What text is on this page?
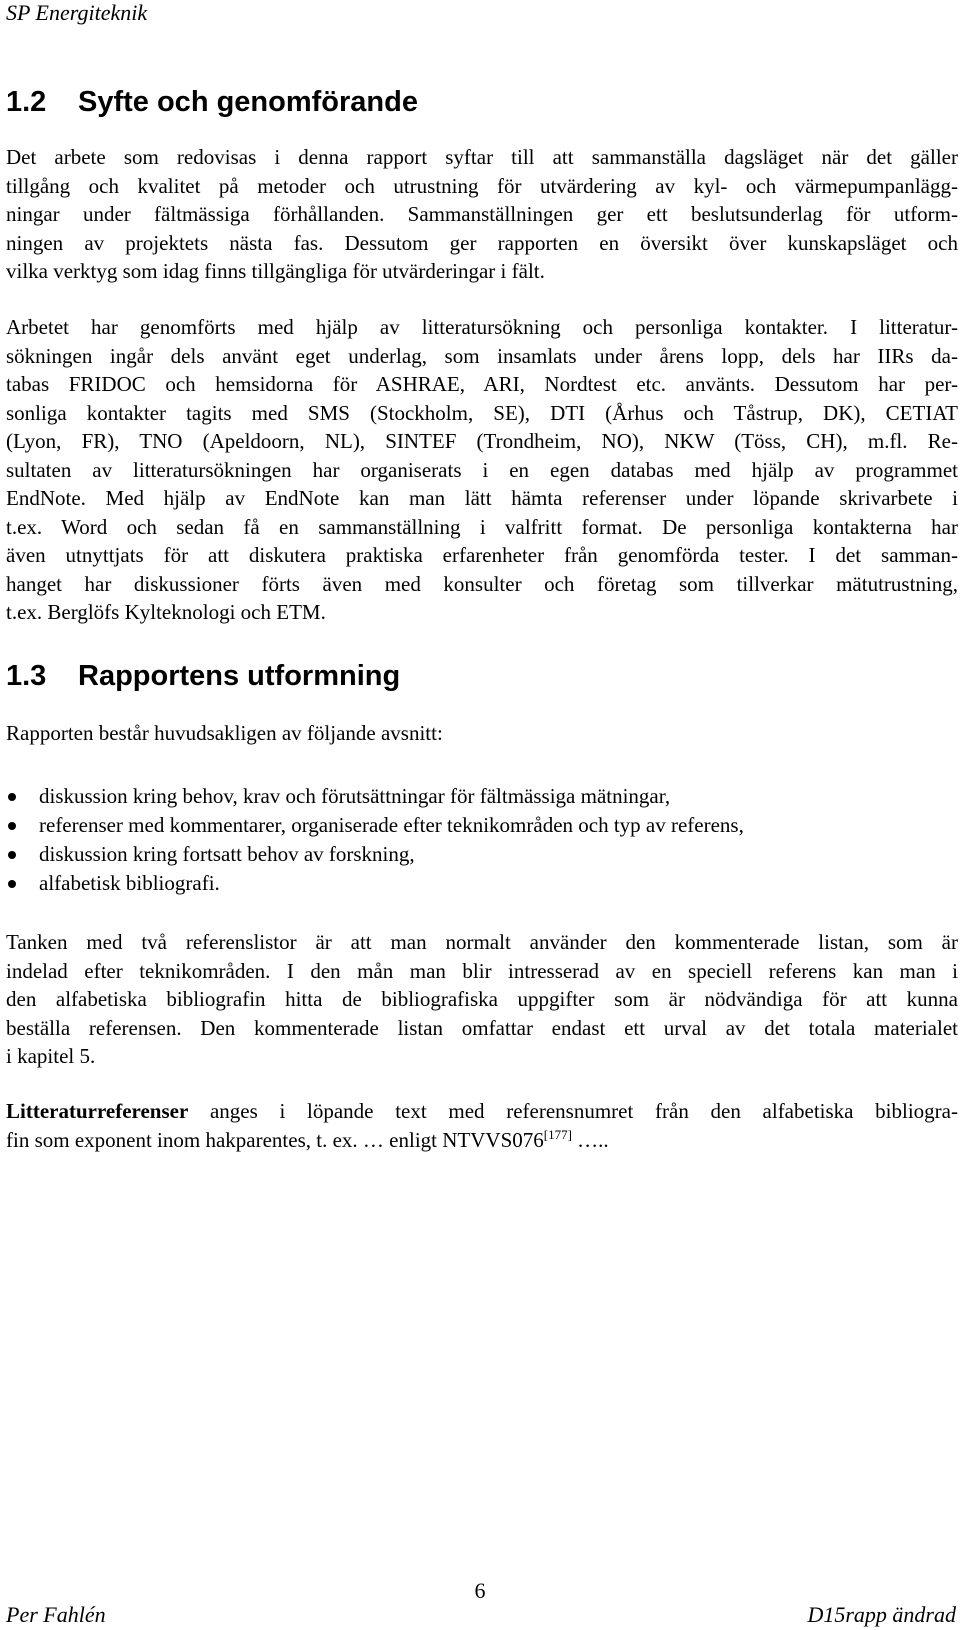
SP Energiteknik
1.2 Syfte och genomförande
Det arbete som redovisas i denna rapport syftar till att sammanställa dagsläget när det gäller
tillgång och kvalitet på metoder och utrustning för utvärdering av kyl- och värmepumpanlägg-
ningar under fältmässiga förhållanden. Sammanställningen ger ett beslutsunderlag för utform-
ningen av projektets nästa fas. Dessutom ger rapporten en översikt över kunskapsläget och
vilka verktyg som idag finns tillgängliga för utvärderingar i fält.
Arbetet har genomförts med hjälp av litteratursökning och personliga kontakter. I litteratur-
sökningen ingår dels använt eget underlag, som insamlats under årens lopp, dels har IIRs da-
tabas FRIDOC och hemsidorna för ASHRAE, ARI, Nordtest etc. använts. Dessutom har per-
sonliga kontakter tagits med SMS (Stockholm, SE), DTI (Århus och Tåstrup, DK), CETIAT
(Lyon, FR), TNO (Apeldoorn, NL), SINTEF (Trondheim, NO), NKW (Töss, CH), m.fl. Re-
sultaten av litteratursökningen har organiserats i en egen databas med hjälp av programmet
EndNote. Med hjälp av EndNote kan man lätt hämta referenser under löpande skrivarbete i
t.ex. Word och sedan få en sammanställning i valfritt format. De personliga kontakterna har
även utnyttjats för att diskutera praktiska erfarenheter från genomförda tester. I det samman-
hanget har diskussioner förts även med konsulter och företag som tillverkar mätutrustning,
t.ex. Berglöfs Kylteknologi och ETM.
1.3 Rapportens utformning
Rapporten består huvudsakligen av följande avsnitt:
diskussion kring behov, krav och förutsättningar för fältmässiga mätningar,
referenser med kommentarer, organiserade efter teknikområden och typ av referens,
diskussion kring fortsatt behov av forskning,
alfabetisk bibliografi.
Tanken med två referenslistor är att man normalt använder den kommenterade listan, som är
indelad efter teknikområden. I den mån man blir intresserad av en speciell referens kan man i
den alfabetiska bibliografin hitta de bibliografiska uppgifter som är nödvändiga för att kunna
beställa referensen. Den kommenterade listan omfattar endast ett urval av det totala materialet
i kapitel 5.
Litteraturreferenser anges i löpande text med referensnumret från den alfabetiska bibliogra-
fin som exponent inom hakparentes, t. ex. … enligt NTVVS076[177] …..
6
Per Fahlén	D15rapp ändrad
